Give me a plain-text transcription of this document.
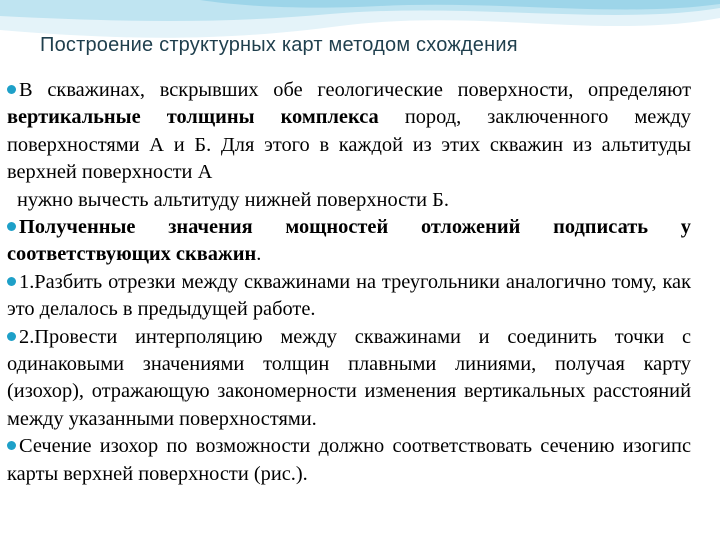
Построение структурных карт методом схождения

В скважинах, вскрывших обе геологические поверхности, определяют вертикальные толщины комплекса пород, заключенного между поверхностями А и Б. Для этого в каждой из этих скважин из альтитуды верхней поверхности А
нужно вычесть альтитуду нижней поверхности Б.

Полученные значения мощностей отложений подписать у соответствующих скважин.

1.Разбить отрезки между скважинами на треугольники аналогично тому, как это делалось в предыдущей работе.

2.Провести интерполяцию между скважинами и соединить точки с одинаковыми значениями толщин плавными линиями, получая карту (изохор), отражающую закономерности изменения вертикальных расстояний между указанными поверхностями.

Сечение изохор по возможности должно соответствовать сечению изогипс карты верхней поверхности (рис.).
